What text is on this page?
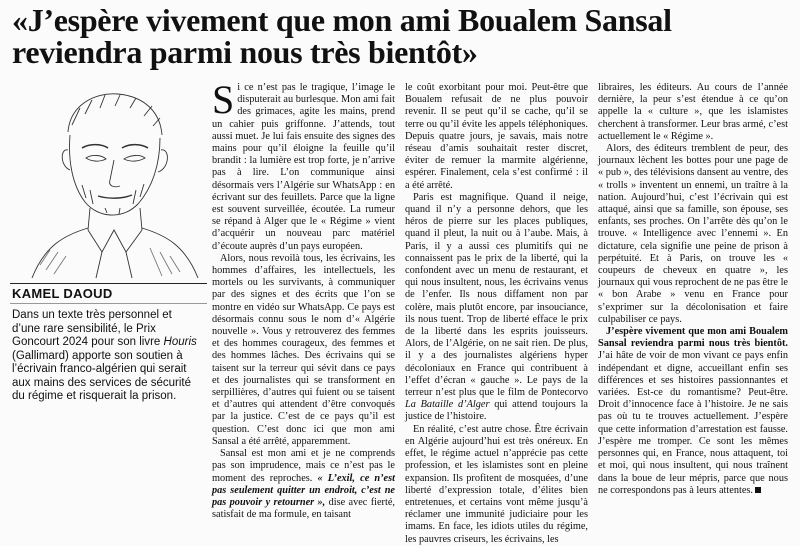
«J’espère vivement que mon ami Boualem Sansal reviendra parmi nous très bientôt»
KAMEL DAOUD
Dans un texte très personnel et d’une rare sensibilité, le Prix Goncourt 2024 pour son livre Houris (Gallimard) apporte son soutien à l’écrivain franco-algérien qui serait aux mains des services de sécurité du régime et risquerait la prison.

Si ce n’est pas le tragique, l’image le disputerait au burlesque. Mon ami fait des grimaces, agite les mains, prend un cahier puis griffonne. J’attends, tout aussi muet. Je lui fais ensuite des signes des mains pour qu’il éloigne la feuille qu’il brandit : la lumière est trop forte, je n’arrive pas à lire. L’on communique ainsi désormais vers l’Algérie sur WhatsApp : en écrivant sur des feuillets. Parce que la ligne est souvent surveillée, écoutée. La rumeur se répand à Alger que le « Régime » vient d’acquérir un nouveau parc matériel d’écoute auprès d’un pays européen.

Alors, nous revoilà tous, les écrivains, les hommes d’affaires, les intellectuels, les mortels ou les survivants, à communiquer par des signes et des écrits que l’on se montre en vidéo sur WhatsApp. Ce pays est désormais connu sous le nom d’« Algérie nouvelle ». Vous y retrouverez des femmes et des hommes courageux, des femmes et des hommes lâches. Des écrivains qui se taisent sur la terreur qui sévit dans ce pays et des journalistes qui se transforment en serpillières, d’autres qui fuient ou se taisent et d’autres qui attendent d’être convoqués par la justice. C’est de ce pays qu’il est question. C’est donc ici que mon ami Sansal a été arrêté, apparemment.

Sansal est mon ami et je ne comprends pas son imprudence, mais ce n’est pas le moment des reproches. « L’exil, ce n’est pas seulement quitter un endroit, c’est ne pas pouvoir y retourner », dise avec fierté, satisfait de ma formule, en taisant

le coût exorbitant pour moi. Peut-être que Boualem refusait de ne plus pouvoir revenir. Il se peut qu’il se cache, qu’il se terre ou qu’il évite les appels téléphoniques. Depuis quatre jours, je savais, mais notre réseau d’amis souhaitait rester discret, éviter de remuer la marmite algérienne, espérer. Finalement, cela s’est confirmé : il a été arrêté.

Paris est magnifique. Quand il neige, quand il n’y a personne dehors, que les héros de pierre sur les places publiques, quand il pleut, la nuit ou à l’aube. Mais, à Paris, il y a aussi ces plumitifs qui ne connaissent pas le prix de la liberté, qui la confondent avec un menu de restaurant, et qui nous insultent, nous, les écrivains venus de l’enfer. Ils nous diffament non par colère, mais plutôt encore, par insouciance, ils nous tuent. Trop de liberté efface le prix de la liberté dans les esprits jouisseurs. Alors, de l’Algérie, on ne sait rien. De plus, il y a des journalistes algériens hyper décoloniaux en France qui contribuent à l’effet d’écran « gauche ». Le pays de la terreur n’est plus que le film de Pontecorvo La Bataille d’Alger qui attend toujours la justice de l’histoire.

En réalité, c’est autre chose. Être écrivain en Algérie aujourd’hui est très onéreux. En effet, le régime actuel n’apprécie pas cette profession, et les islamistes sont en pleine expansion. Ils profitent de mosquées, d’une liberté d’expression totale, d’élites bien entretenues, et certains vont même jusqu’à réclamer une immunité judiciaire pour les imams. En face, les idiots utiles du régime, les pauvres criseurs, les écrivains, les

libraires, les éditeurs. Au cours de l’année dernière, la peur s’est étendue à ce qu’on appelle la « culture », que les islamistes cherchent à transformer. Leur bras armé, c’est actuellement le « Régime ».

Alors, des éditeurs tremblent de peur, des journaux lèchent les bottes pour une page de « pub », des télévisions dansent au ventre, des « trolls » inventent un ennemi, un traître à la nation. Aujourd’hui, c’est l’écrivain qui est attaqué, ainsi que sa famille, son épouse, ses enfants, ses proches. On l’arrête dès qu’on le trouve. « Intelligence avec l’ennemi ». En dictature, cela signifie une peine de prison à perpétuité. Et à Paris, on trouve les « coupeurs de cheveux en quatre », les journaux qui vous reprochent de ne pas être le « bon Arabe » venu en France pour s’exprimer sur la décolonisation et faire culpabiliser ce pays.

J’espère vivement que mon ami Boualem Sansal reviendra parmi nous très bientôt. J’ai hâte de voir de mon vivant ce pays enfin indépendant et digne, accueillant enfin ses différences et ses histoires passionnantes et variées. Est-ce du romantisme? Peut-être. Droit d’innocence face à l’histoire. Je ne sais pas où tu te trouves actuellement. J’espère que cette information d’arrestation est fausse. J’espère me tromper. Ce sont les mêmes personnes qui, en France, nous attaquent, toi et moi, qui nous insultent, qui nous traînent dans la boue de leur mépris, parce que nous ne correspondons pas à leurs attentes.
